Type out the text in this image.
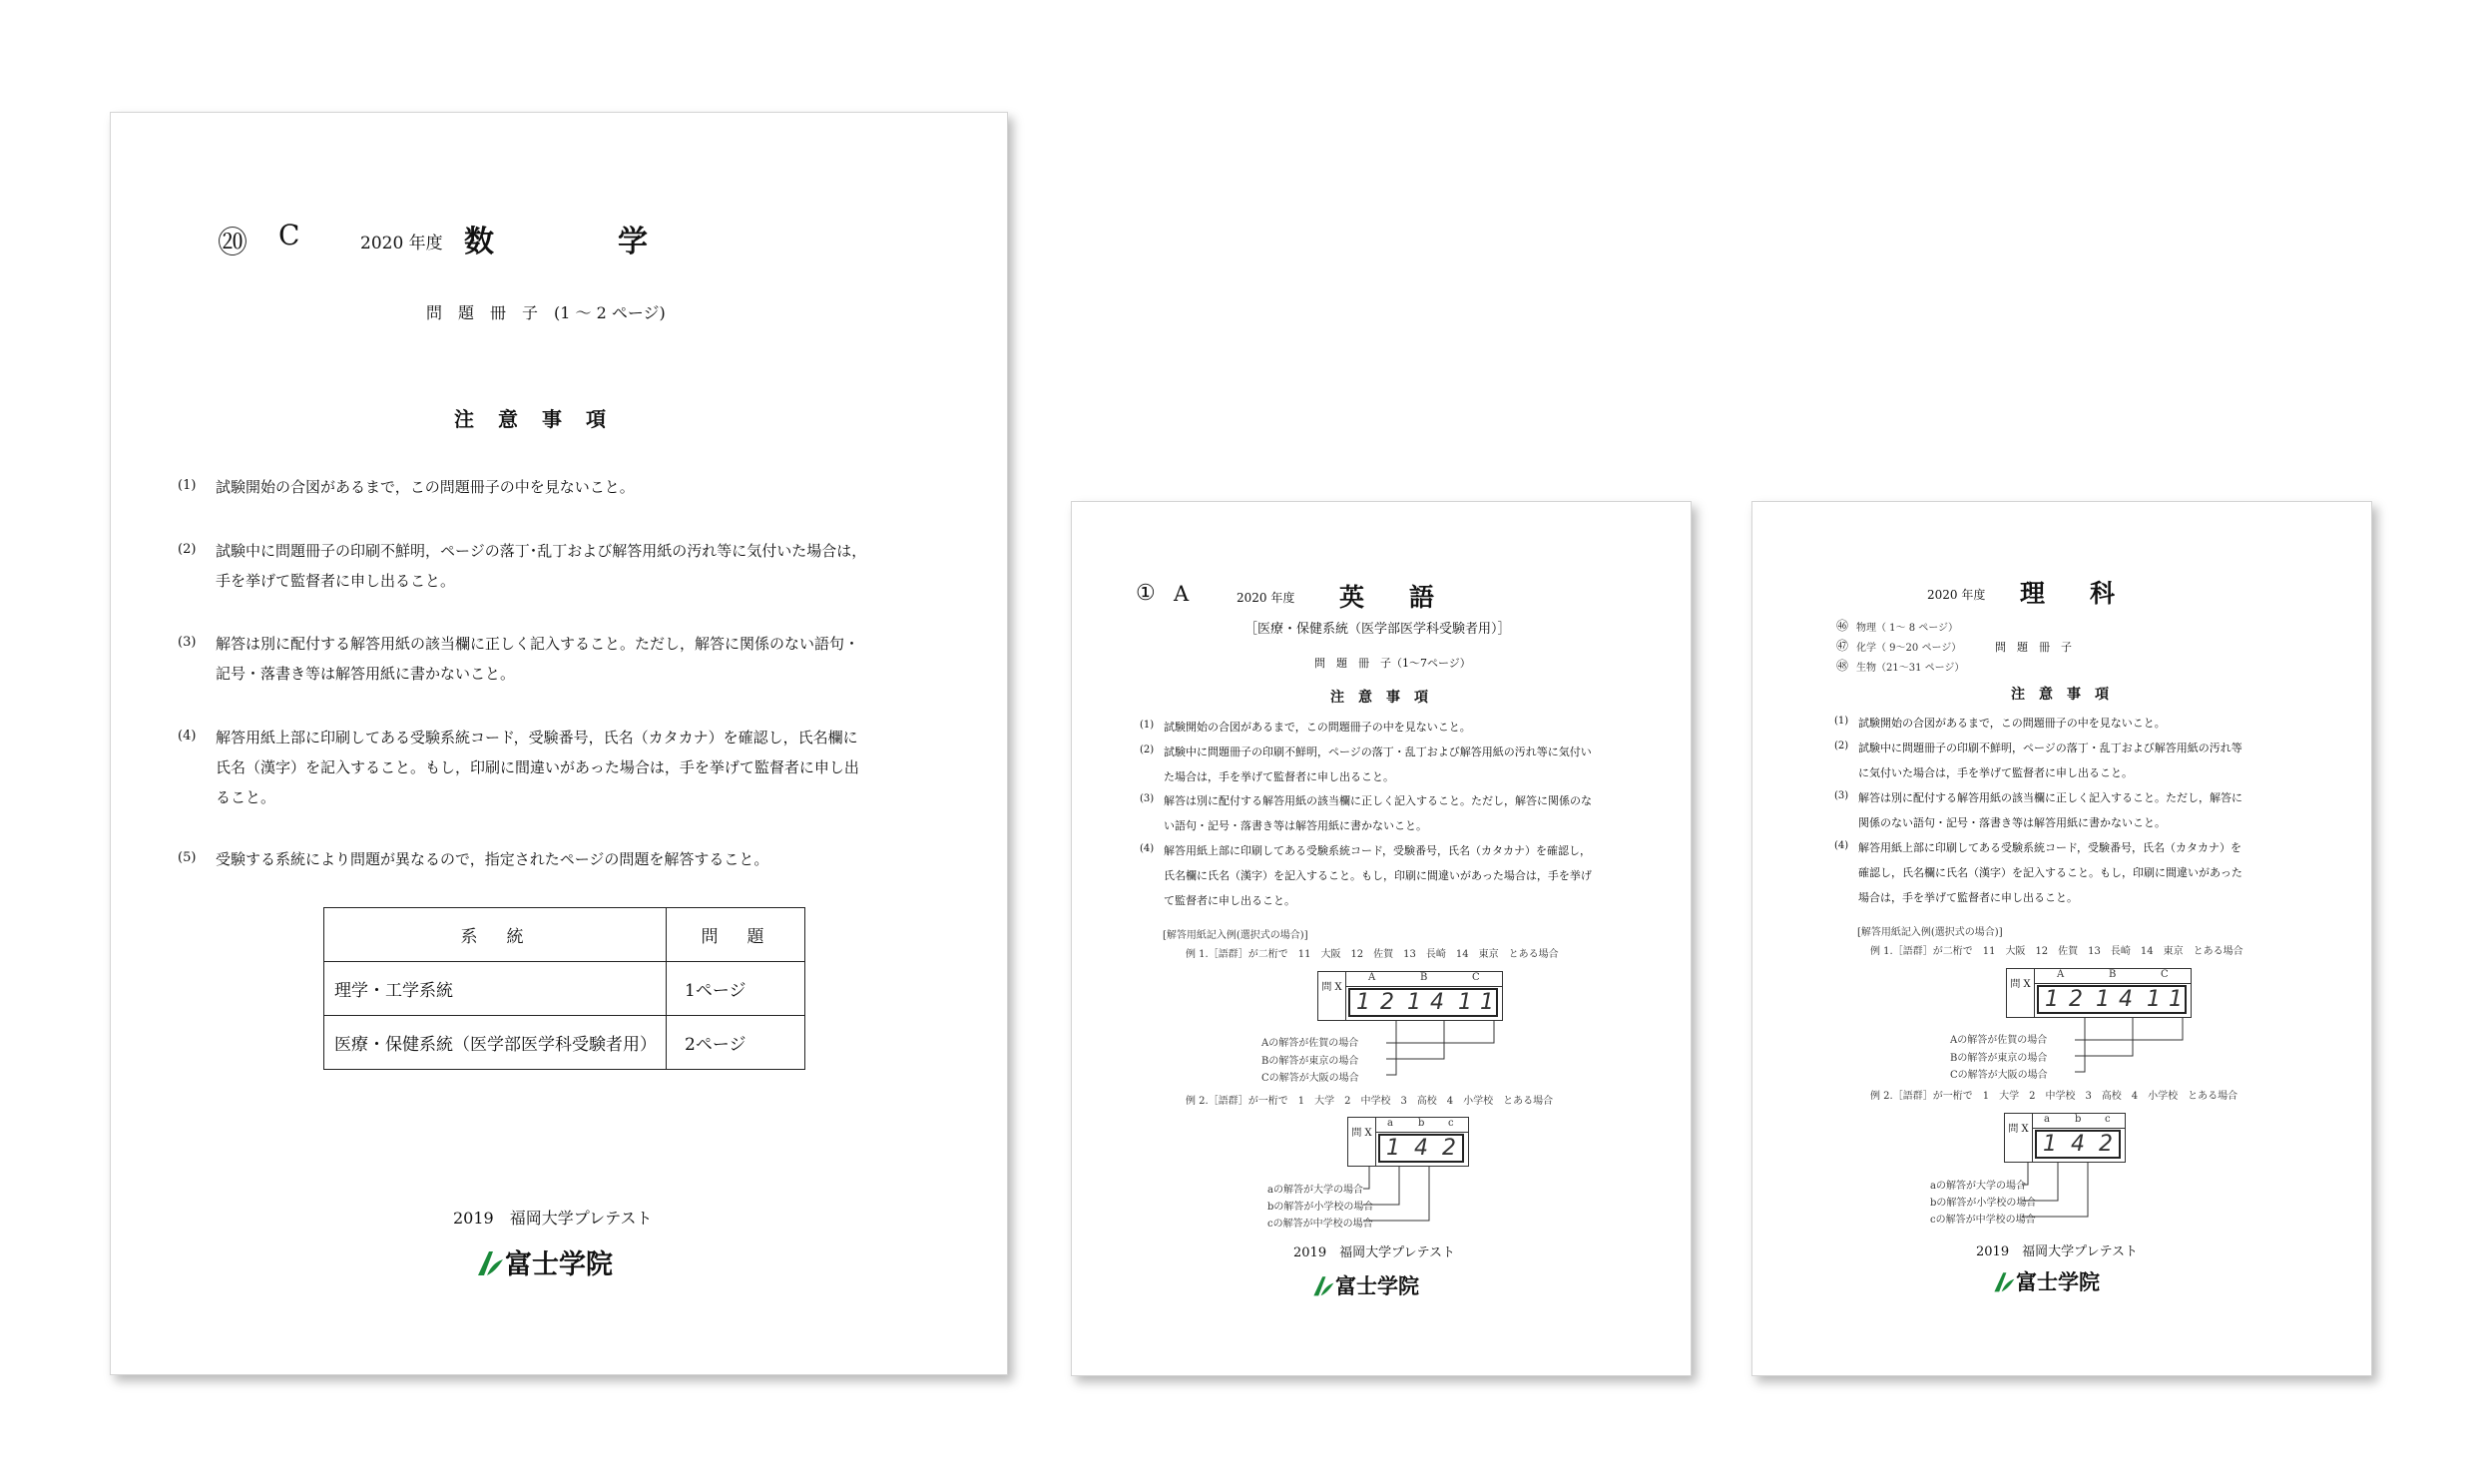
⑳ C	2020 年度 数	学
問　題　冊　子　(1 ～ 2 ページ)
注　意　事　項
(1) 試験開始の合図があるまで，この問題冊子の中を見ないこと。
(2) 試験中に問題冊子の印刷不鮮明，ページの落丁･乱丁および解答用紙の汚れ等に気付いた場合は，
手を挙げて監督者に申し出ること。
(3) 解答は別に配付する解答用紙の該当欄に正しく記入すること。ただし，解答に関係のない語句・
記号・落書き等は解答用紙に書かないこと。
(4) 解答用紙上部に印刷してある受験系統コード，受験番号，氏名（カタカナ）を確認し，氏名欄に
氏名（漢字）を記入すること。もし，印刷に間違いがあった場合は，手を挙げて監督者に申し出
ること。
(5) 受験する系統により問題が異なるので，指定されたページの問題を解答すること。
系　統	問　題
理学・工学系統	1ページ
医療・保健系統（医学部医学科受験者用）	2ページ
2019　福岡大学プレテスト
富士学院
① A	2020 年度 英 語
［医療・保健系統（医学部医学科受験者用）］
問　題　冊　子（1～7ページ）
注　意　事　項
(1) 試験開始の合図があるまで，この問題冊子の中を見ないこと。
(2) 試験中に問題冊子の印刷不鮮明，ページの落丁・乱丁および解答用紙の汚れ等に気付い
た場合は，手を挙げて監督者に申し出ること。
(3) 解答は別に配付する解答用紙の該当欄に正しく記入すること。ただし，解答に関係のな
い語句・記号・落書き等は解答用紙に書かないこと。
(4) 解答用紙上部に印刷してある受験系統コード，受験番号，氏名（カタカナ）を確認し，
氏名欄に氏名（漢字）を記入すること。もし，印刷に間違いがあった場合は，手を挙げ
て監督者に申し出ること。
[解答用紙記入例(選択式の場合)]
例 1.［語群］が二桁で　11　大阪　12　佐賀　13　長崎　14　東京　とある場合
問 X
A	B	C
1 2 1 4 1 1
Aの解答が佐賀の場合
Bの解答が東京の場合
Cの解答が大阪の場合
例 2.［語群］が一桁で　1　大学　2　中学校　3　高校　4　小学校　とある場合
問 X
a	b c
1 4 2
aの解答が大学の場合
bの解答が小学校の場合
cの解答が中学校の場合
2019　福岡大学プレテスト
富士学院
2020 年度 理 科
㊻ 物理（ 1～ 8 ページ）
㊼ 化学（ 9～20 ページ）
㊽ 生物（21～31 ページ）
問　題　冊　子
注　意　事　項
(1) 試験開始の合図があるまで，この問題冊子の中を見ないこと。
(2) 試験中に問題冊子の印刷不鮮明，ページの落丁・乱丁および解答用紙の汚れ等
に気付いた場合は，手を挙げて監督者に申し出ること。
(3) 解答は別に配付する解答用紙の該当欄に正しく記入すること。ただし，解答に
関係のない語句・記号・落書き等は解答用紙に書かないこと。
(4) 解答用紙上部に印刷してある受験系統コード，受験番号，氏名（カタカナ）を
確認し，氏名欄に氏名（漢字）を記入すること。もし，印刷に間違いがあった
場合は，手を挙げて監督者に申し出ること。
[解答用紙記入例(選択式の場合)]
例 1.［語群］が二桁で　11　大阪　12　佐賀　13　長崎　14　東京　とある場合
問 X
A	B	C
1 2 1 4 1 1
Aの解答が佐賀の場合
Bの解答が東京の場合
Cの解答が大阪の場合
例 2.［語群］が一桁で　1　大学　2　中学校　3　高校　4　小学校　とある場合
問 X
a	b c
1 4 2
aの解答が大学の場合
bの解答が小学校の場合
cの解答が中学校の場合
2019　福岡大学プレテスト
富士学院
